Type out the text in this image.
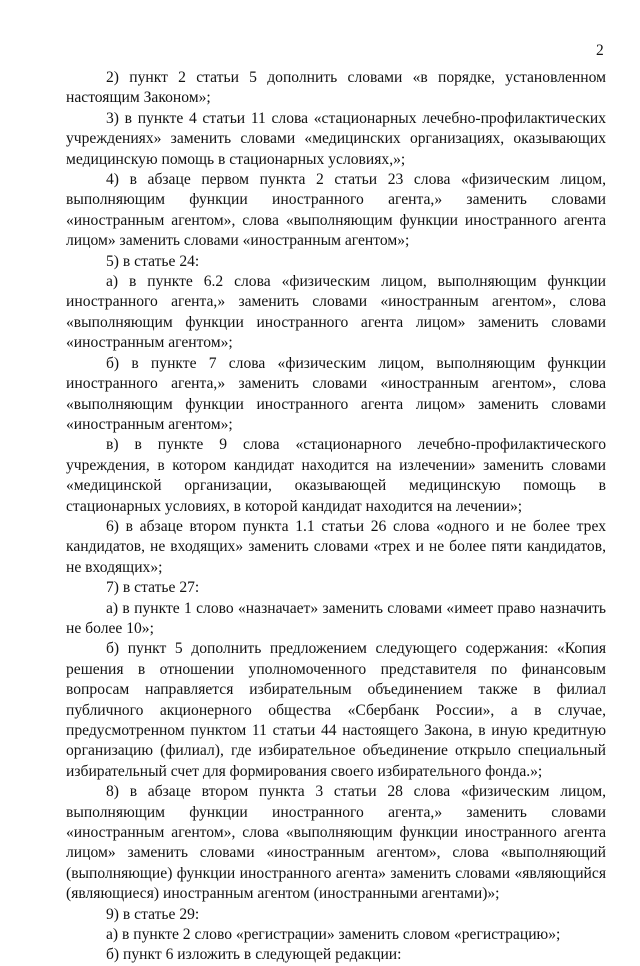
2

2) пункт 2 статьи 5 дополнить словами «в порядке, установленном настоящим Законом»;

3) в пункте 4 статьи 11 слова «стационарных лечебно-профилактических учреждениях» заменить словами «медицинских организациях, оказывающих медицинскую помощь в стационарных условиях,»;

4) в абзаце первом пункта 2 статьи 23 слова «физическим лицом, выполняющим функции иностранного агента,» заменить словами «иностранным агентом», слова «выполняющим функции иностранного агента лицом» заменить словами «иностранным агентом»;

5) в статье 24:

а) в пункте 6.2 слова «физическим лицом, выполняющим функции иностранного агента,» заменить словами «иностранным агентом», слова «выполняющим функции иностранного агента лицом» заменить словами «иностранным агентом»;

б) в пункте 7 слова «физическим лицом, выполняющим функции иностранного агента,» заменить словами «иностранным агентом», слова «выполняющим функции иностранного агента лицом» заменить словами «иностранным агентом»;

в) в пункте 9 слова «стационарного лечебно-профилактического учреждения, в котором кандидат находится на излечении» заменить словами «медицинской организации, оказывающей медицинскую помощь в стационарных условиях, в которой кандидат находится на лечении»;

6) в абзаце втором пункта 1.1 статьи 26 слова «одного и не более трех кандидатов, не входящих» заменить словами «трех и не более пяти кандидатов, не входящих»;

7) в статье 27:

а) в пункте 1 слово «назначает» заменить словами «имеет право назначить не более 10»;

б) пункт 5 дополнить предложением следующего содержания: «Копия решения в отношении уполномоченного представителя по финансовым вопросам направляется избирательным объединением также в филиал публичного акционерного общества «Сбербанк России», а в случае, предусмотренном пунктом 11 статьи 44 настоящего Закона, в иную кредитную организацию (филиал), где избирательное объединение открыло специальный избирательный счет для формирования своего избирательного фонда.»;

8) в абзаце втором пункта 3 статьи 28 слова «физическим лицом, выполняющим функции иностранного агента,» заменить словами «иностранным агентом», слова «выполняющим функции иностранного агента лицом» заменить словами «иностранным агентом», слова «выполняющий (выполняющие) функции иностранного агента» заменить словами «являющийся (являющиеся) иностранным агентом (иностранными агентами)»;

9) в статье 29:

а) в пункте 2 слово «регистрации» заменить словом «регистрацию»;

б) пункт 6 изложить в следующей редакции:
